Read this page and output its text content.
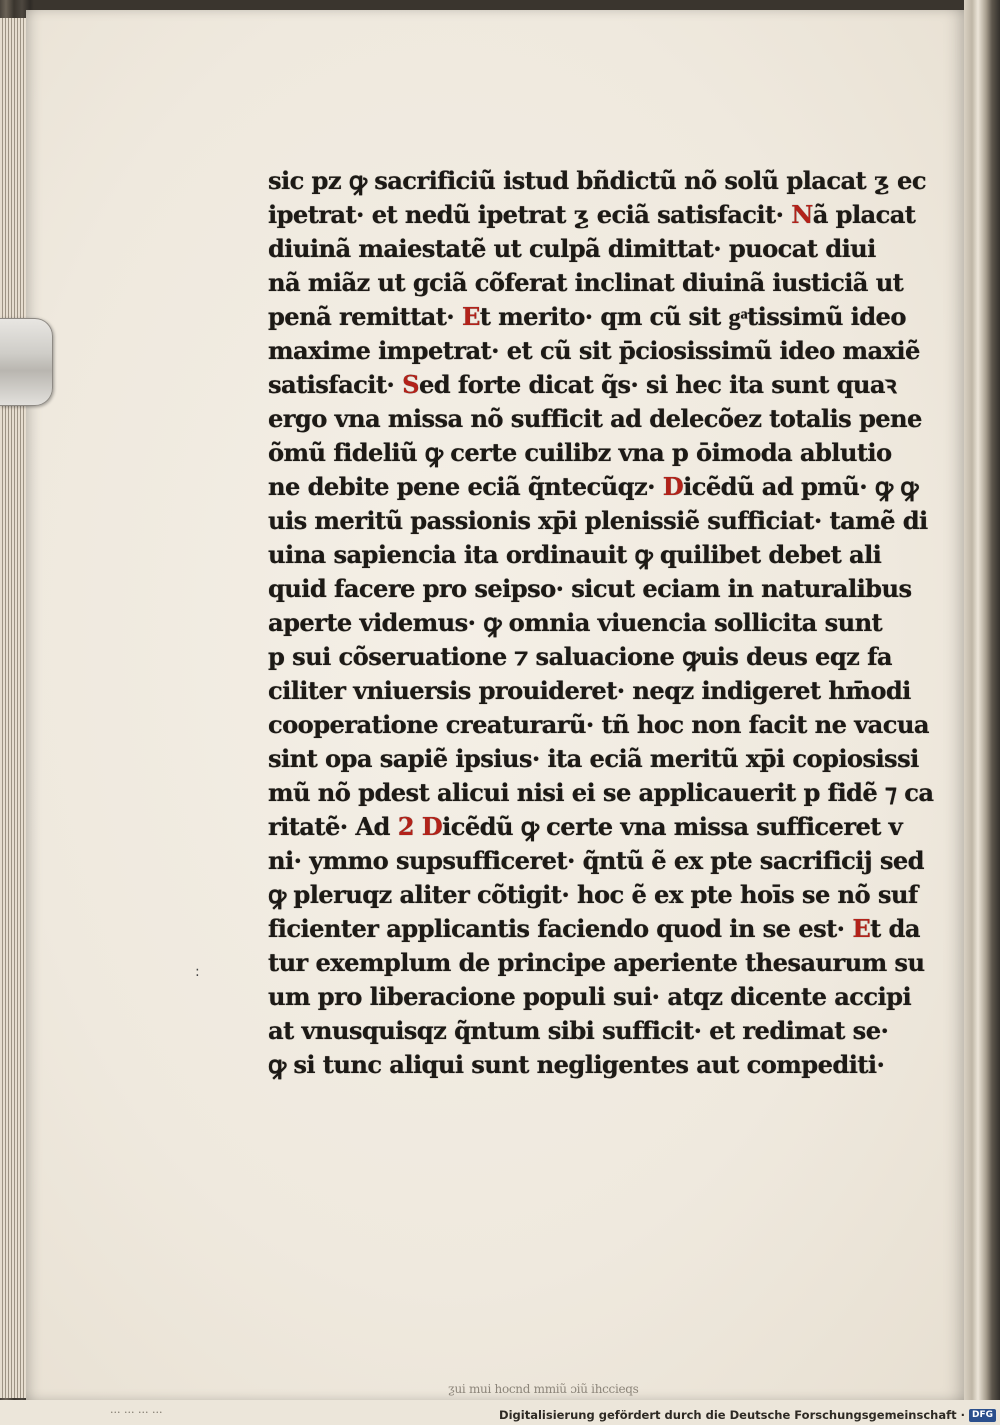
sic pz ꝙ sacrificiũ istud bñdictũ nõ solũ placat ƺ ec
ipetrat· et nedũ ipetrat ƺ eciã satisfacit· Nã placat
diuinã maiestatẽ ut culpã dimittat· puocat diui
nã miãz ut gciã cõferat inclinat diuinã iusticiã ut
penã remittat· Et merito· qm cũ sit gͣtissimũ ideo
maxime impetrat· et cũ sit p̄ciosissimũ ideo maxiẽ
satisfacit· Sed forte dicat q̃s· si hec ita sunt quaꝛ
ergo vna missa nõ sufficit ad delecõez totalis pene
õmũ fideliũ ꝙ certe cuilibz vna p ōimoda ablutio
ne debite pene eciã q̃ntecũqz· Dicẽdũ ad pmũ· ꝙ ꝙ
uis meritũ passionis xp̄i plenissiẽ sufficiat· tamẽ di
uina sapiencia ita ordinauit ꝙ quilibet debet ali
quid facere pro seipso· sicut eciam in naturalibus
aperte videmus· ꝙ omnia viuencia sollicita sunt
p sui cõseruatione ⁊ saluacione ꝙuis deus eqz fa
ciliter vniuersis prouideret· neqz indigeret hm̄odi
cooperatione creaturarũ· tñ hoc non facit ne vacua
sint opa sapiẽ ipsius· ita eciã meritũ xp̄i copiosissi
mũ nõ pdest alicui nisi ei se applicauerit p fidẽ ⁊ ca
ritatẽ· Ad 2 Dicẽdũ ꝙ certe vna missa sufficeret v
ni· ymmo supsufficeret· q̃ntũ ẽ ex pte sacrificij sed
ꝙ pleruqz aliter cõtigit· hoc ẽ ex pte hoīs se nõ suf
ficienter applicantis faciendo quod in se est· Et da
tur exemplum de principe aperiente thesaurum su
um pro liberacione populi sui· atqz dicente accipi
at vnusquisqz q̃ntum sibi sufficit· et redimat se·
ꝙ si tunc aliqui sunt negligentes aut compediti·
:
ƺui mui hocnd mmiũ ɔiũ ihccieqs
... ... ... ...	Digitalisierung gefördert durch die Deutsche Forschungsgemeinschaft · DFG
